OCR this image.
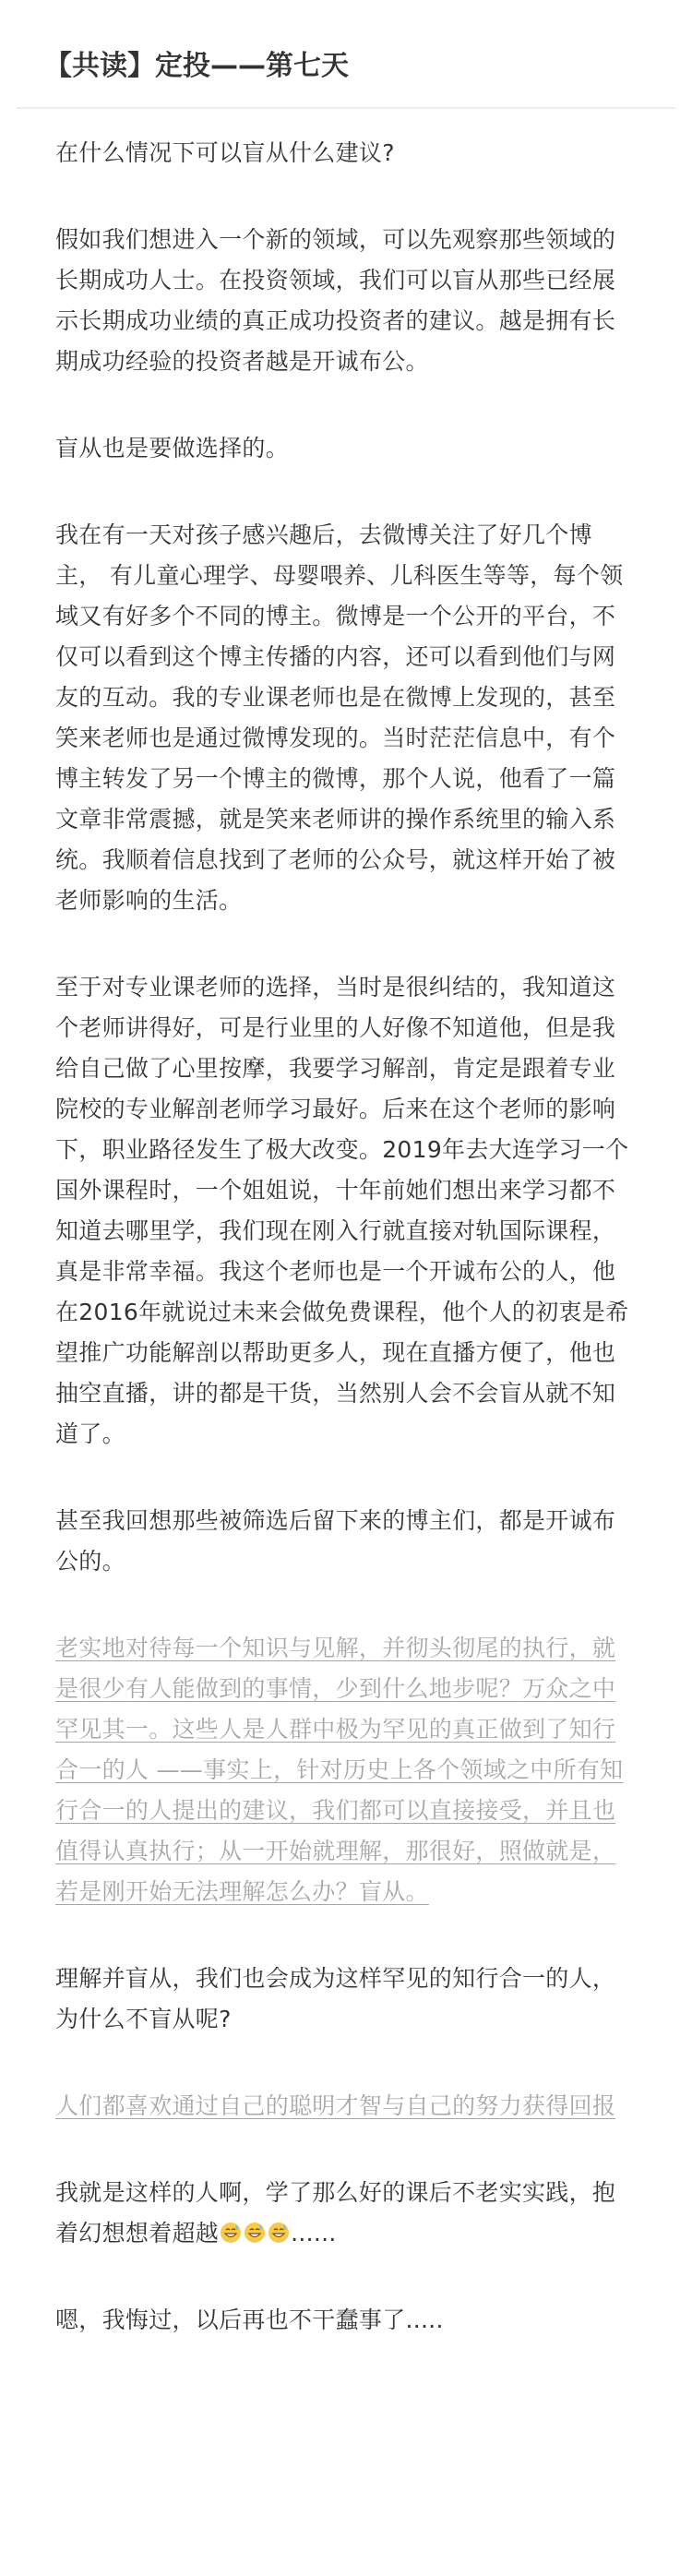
【共读】定投——第七天

在什么情况下可以盲从什么建议?

假如我们想进入一个新的领域，可以先观察那些领域的长期成功人士。在投资领域，我们可以盲从那些已经展示长期成功业绩的真正成功投资者的建议。越是拥有长期成功经验的投资者越是开诚布公。

盲从也是要做选择的。

我在有一天对孩子感兴趣后，去微博关注了好几个博主， 有儿童心理学、母婴喂养、儿科医生等等，每个领域又有好多个不同的博主。微博是一个公开的平台，不仅可以看到这个博主传播的内容，还可以看到他们与网友的互动。我的专业课老师也是在微博上发现的，甚至笑来老师也是通过微博发现的。当时茫茫信息中，有个博主转发了另一个博主的微博，那个人说，他看了一篇文章非常震撼，就是笑来老师讲的操作系统里的输入系统。我顺着信息找到了老师的公众号，就这样开始了被老师影响的生活。

至于对专业课老师的选择，当时是很纠结的，我知道这个老师讲得好，可是行业里的人好像不知道他，但是我给自己做了心里按摩，我要学习解剖，肯定是跟着专业院校的专业解剖老师学习最好。后来在这个老师的影响下，职业路径发生了极大改变。2019年去大连学习一个国外课程时，一个姐姐说，十年前她们想出来学习都不知道去哪里学，我们现在刚入行就直接对轨国际课程，真是非常幸福。我这个老师也是一个开诚布公的人，他在2016年就说过未来会做免费课程，他个人的初衷是希望推广功能解剖以帮助更多人，现在直播方便了，他也抽空直播，讲的都是干货，当然别人会不会盲从就不知道了。

甚至我回想那些被筛选后留下来的博主们，都是开诚布公的。

老实地对待每一个知识与见解，并彻头彻尾的执行，就是很少有人能做到的事情，少到什么地步呢？万众之中罕见其一。这些人是人群中极为罕见的真正做到了知行合一的人 ——事实上，针对历史上各个领域之中所有知行合一的人提出的建议，我们都可以直接接受，并且也值得认真执行；从一开始就理解，那很好，照做就是，若是刚开始无法理解怎么办？盲从。

理解并盲从，我们也会成为这样罕见的知行合一的人，为什么不盲从呢?

人们都喜欢通过自己的聪明才智与自己的努力获得回报

我就是这样的人啊，学了那么好的课后不老实实践，抱着幻想想着超越	......

嗯，我悔过，以后再也不干蠢事了.....
